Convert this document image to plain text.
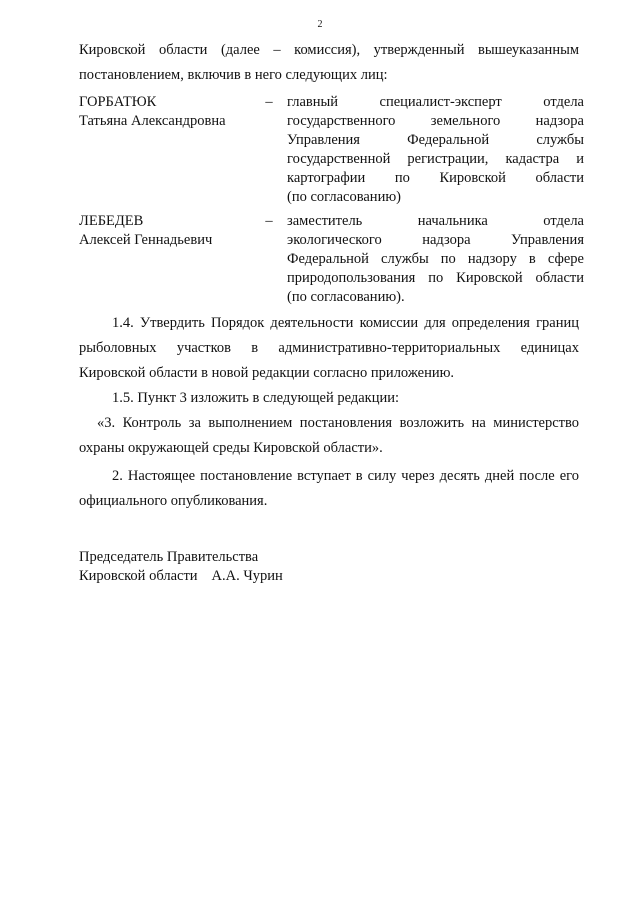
2
Кировской области (далее – комиссия), утвержденный вышеуказанным
постановлением, включив в него следующих лиц:
ГОРБАТЮК
Татьяна Александровна
– главный специалист-эксперт отдела
государственного земельного надзора
Управления Федеральной службы
государственной регистрации, кадастра и
картографии по Кировской области
(по согласованию)
ЛЕБЕДЕВ
Алексей Геннадьевич
– заместитель начальника отдела
экологического надзора Управления
Федеральной службы по надзору в сфере
природопользования по Кировской области
(по согласованию).
1.4. Утвердить Порядок деятельности комиссии для определения границ
рыболовных участков в административно-территориальных единицах
Кировской области в новой редакции согласно приложению.
1.5. Пункт 3 изложить в следующей редакции:
«3. Контроль за выполнением постановления возложить на министерство
охраны окружающей среды Кировской области».
2. Настоящее постановление вступает в силу через десять дней после его
официального опубликования.
Председатель Правительства
Кировской области А.А. Чурин
